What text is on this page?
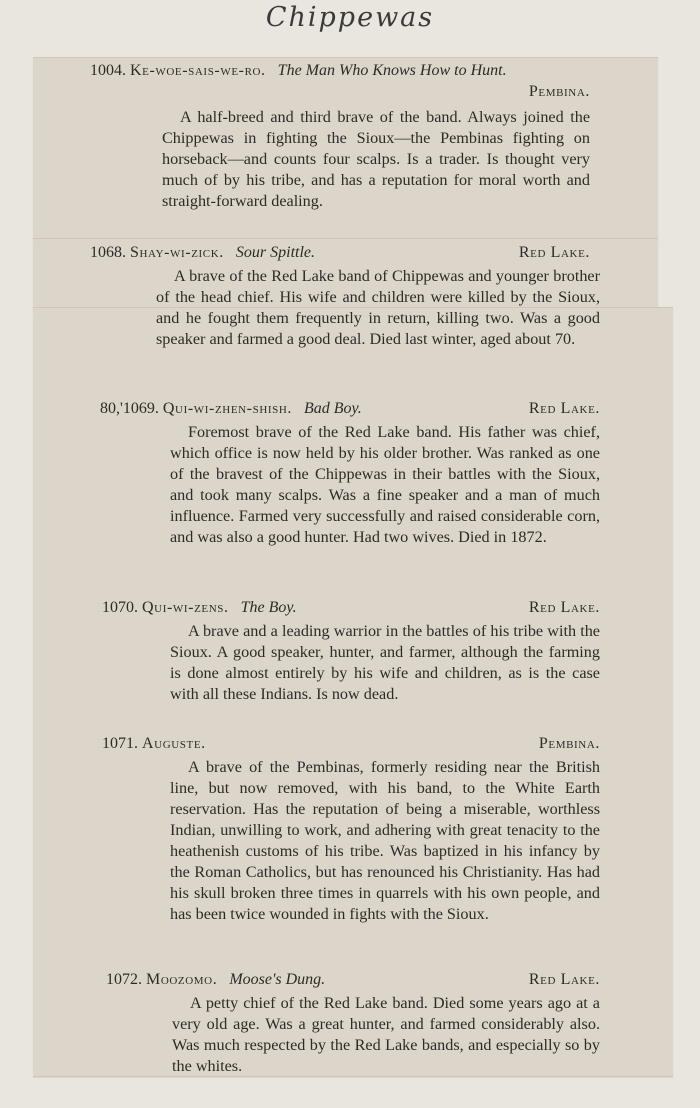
Chippewas
1004. Ke-woe-sais-we-ro. The Man Who Knows How to Hunt.
Pembina.
A half-breed and third brave of the band. Always joined the Chippewas in fighting the Sioux—the Pembinas fighting on horseback—and counts four scalps. Is a trader. Is thought very much of by his tribe, and has a reputation for moral worth and straight-forward dealing.
1068. Shay-wi-zick. Sour Spittle.	Red Lake.
A brave of the Red Lake band of Chippewas and younger brother of the head chief. His wife and children were killed by the Sioux, and he fought them frequently in return, killing two. Was a good speaker and farmed a good deal. Died last winter, aged about 70.
80,'1069. Qui-wi-zhen-shish. Bad Boy.	Red Lake.
Foremost brave of the Red Lake band. His father was chief, which office is now held by his older brother. Was ranked as one of the bravest of the Chippewas in their battles with the Sioux, and took many scalps. Was a fine speaker and a man of much influence. Farmed very successfully and raised considerable corn, and was also a good hunter. Had two wives. Died in 1872.
1070. Qui-wi-zens. The Boy.	Red Lake.
A brave and a leading warrior in the battles of his tribe with the Sioux. A good speaker, hunter, and farmer, although the farming is done almost entirely by his wife and children, as is the case with all these Indians. Is now dead.
1071. Auguste.	Pembina.
A brave of the Pembinas, formerly residing near the British line, but now removed, with his band, to the White Earth reservation. Has the reputation of being a miserable, worthless Indian, unwilling to work, and adhering with great tenacity to the heathenish customs of his tribe. Was baptized in his infancy by the Roman Catholics, but has renounced his Christianity. Has had his skull broken three times in quarrels with his own people, and has been twice wounded in fights with the Sioux.
1072. Moozomo. Moose's Dung.	Red Lake.
A petty chief of the Red Lake band. Died some years ago at a very old age. Was a great hunter, and farmed considerably also. Was much respected by the Red Lake bands, and especially so by the whites.
